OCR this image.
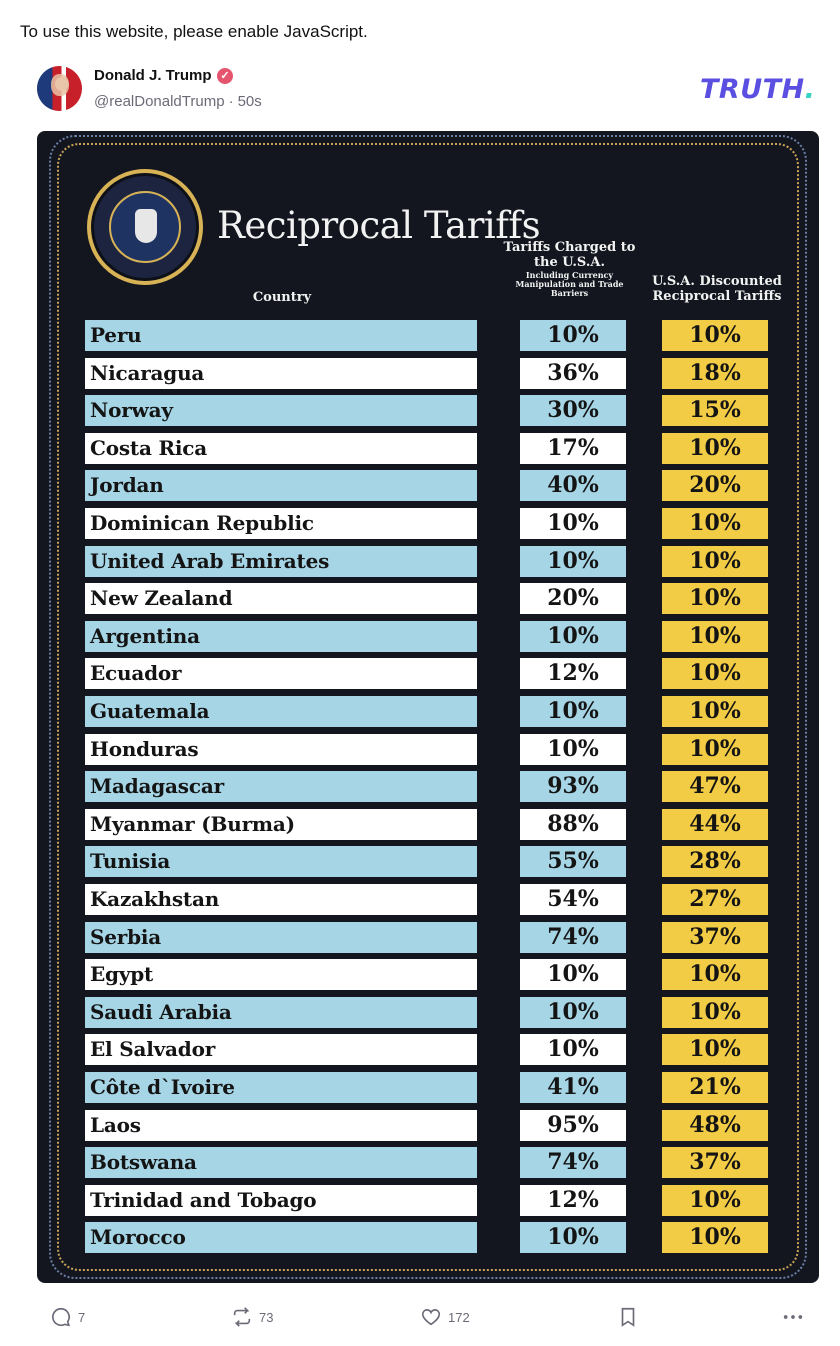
To use this website, please enable JavaScript.
Donald J. Trump ✓
@realDonaldTrump · 50s	TRUTH.
Reciprocal Tariffs
Country
Tariffs Charged to the U.S.A.
Including Currency Manipulation and Trade Barriers
U.S.A. Discounted Reciprocal Tariffs
Peru	10%	10%
Nicaragua	36%	18%
Norway	30%	15%
Costa Rica	17%	10%
Jordan	40%	20%
Dominican Republic	10%	10%
United Arab Emirates	10%	10%
New Zealand	20%	10%
Argentina	10%	10%
Ecuador	12%	10%
Guatemala	10%	10%
Honduras	10%	10%
Madagascar	93%	47%
Myanmar (Burma)	88%	44%
Tunisia	55%	28%
Kazakhstan	54%	27%
Serbia	74%	37%
Egypt	10%	10%
Saudi Arabia	10%	10%
El Salvador	10%	10%
Côte d`Ivoire	41%	21%
Laos	95%	48%
Botswana	74%	37%
Trinidad and Tobago	12%	10%
Morocco	10%	10%
7	73	172
